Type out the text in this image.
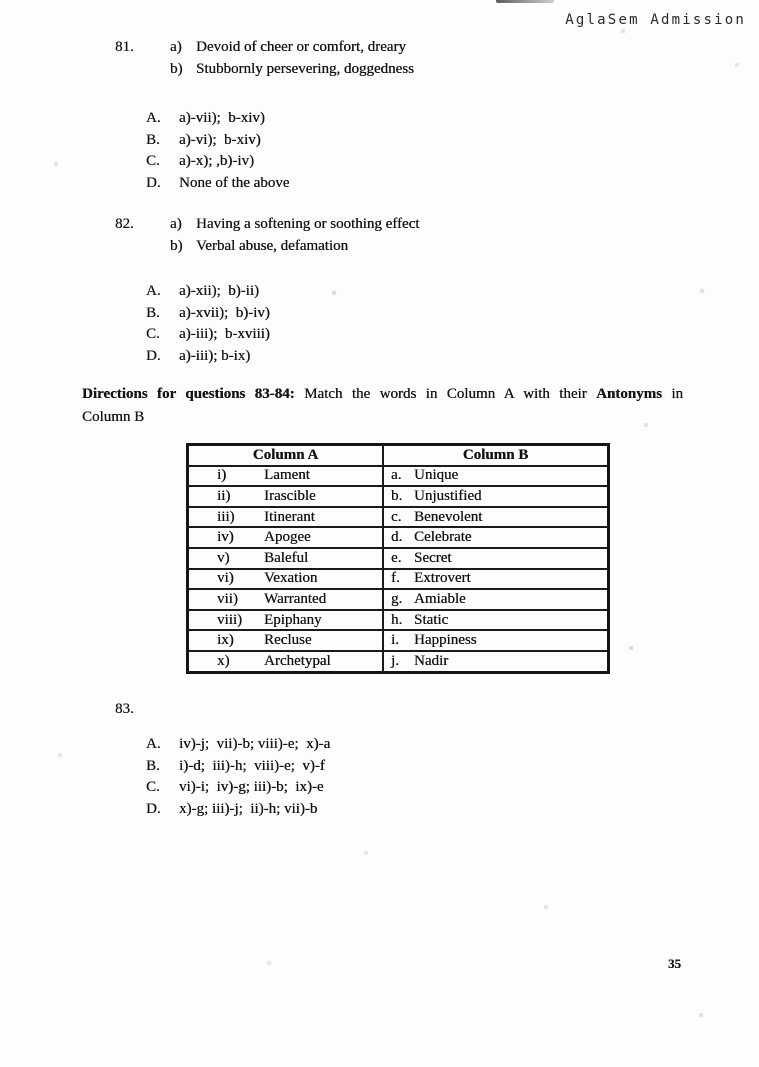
AglaSem Admission
81.	a) Devoid of cheer or comfort, dreary
b) Stubbornly persevering, doggedness
A.	a)-vii);  b-xiv)
B.	a)-vi);  b-xiv)
C.	a)-x); ,b)-iv)
D.	None of the above
82.	a) Having a softening or soothing effect
b) Verbal abuse, defamation
A.	a)-xii);  b)-ii)
B.	a)-xvii);  b)-iv)
C.	a)-iii);  b-xviii)
D.	a)-iii); b-ix)
Directions for questions 83-84: Match the words in Column A with their Antonyms in
Column B
Column A	Column B
i) Lament	a. Unique
ii) Irascible	b. Unjustified
iii) Itinerant	c. Benevolent
iv) Apogee	d. Celebrate
v) Baleful	e. Secret
vi) Vexation	f. Extrovert
vii) Warranted	g. Amiable
viii) Epiphany	h. Static
ix) Recluse	i. Happiness
x) Archetypal	j. Nadir
83.
A.	iv)-j;  vii)-b; viii)-e;  x)-a
B.	i)-d;  iii)-h;  viii)-e;  v)-f
C.	vi)-i;  iv)-g; iii)-b;  ix)-e
D.	x)-g; iii)-j;  ii)-h; vii)-b
35
